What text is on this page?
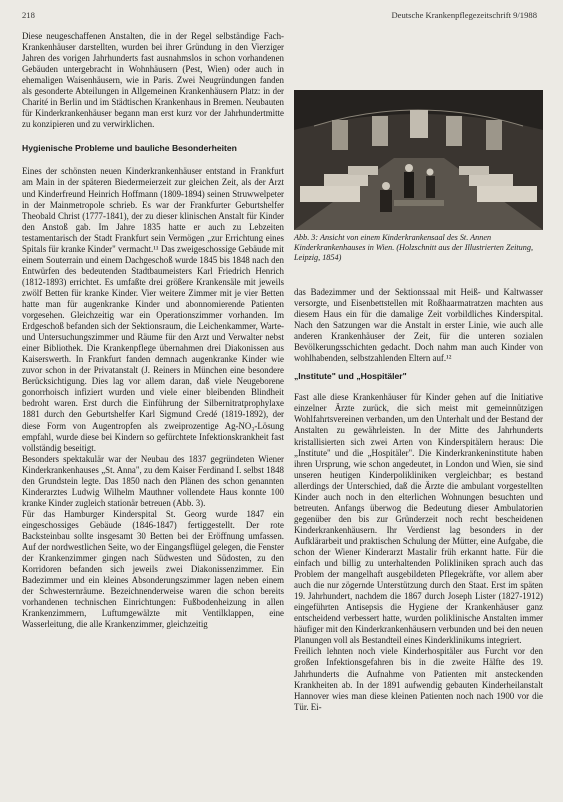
218	Deutsche Krankenpflegezeitschrift 9/1988

Diese neugeschaffenen Anstalten, die in der Regel selbständige Fach-Krankenhäuser darstellten, wurden bei ihrer Gründung in den Vierziger Jahren des vorigen Jahrhunderts fast ausnahmslos in schon vorhandenen Gebäuden untergebracht in Wohnhäusern (Pest, Wien) oder auch in ehemaligen Waisenhäusern, wie in Paris. Zwei Neugründungen fanden als gesonderte Abteilungen in Allgemeinen Krankenhäusern Platz: in der Charité in Berlin und im Städtischen Krankenhaus in Bremen. Neubauten für Kinderkrankenhäuser begann man erst kurz vor der Jahrhundertmitte zu konzipieren und zu verwirklichen.

Hygienische Probleme und bauliche Besonderheiten

Eines der schönsten neuen Kinderkrankenhäuser entstand in Frankfurt am Main in der späteren Biedermeierzeit zur gleichen Zeit, als der Arzt und Kinderfreund Heinrich Hoffmann (1809-1894) seinen Struwwelpeter in der Mainmetropole schrieb. Es war der Frankfurter Geburtshelfer Theobald Christ (1777-1841), der zu dieser klinischen Anstalt für Kinder den Anstoß gab. Im Jahre 1835 hatte er auch zu Lebzeiten testamentarisch der Stadt Frankfurt sein Vermögen „zur Errichtung eines Spitals für kranke Kinder" vermacht.¹¹ Das zweigeschossige Gebäude mit einem Souterrain und einem Dachgeschoß wurde 1845 bis 1848 nach den Entwürfen des bedeutenden Stadtbaumeisters Karl Friedrich Henrich (1812-1893) errichtet. Es umfaßte drei größere Krankensäle mit jeweils zwölf Betten für kranke Kinder. Vier weitere Zimmer mit je vier Betten hatte man für augenkranke Kinder und abonnomierende Patienten vorgesehen. Gleichzeitig war ein Operationszimmer vorhanden. Im Erdgeschoß befanden sich der Sektionsraum, die Leichenkammer, Warte- und Untersuchungszimmer und Räume für den Arzt und Verwalter nebst einer Bibliothek. Die Krankenpflege übernahmen drei Diakonissen aus Kaiserswerth. In Frankfurt fanden demnach augenkranke Kinder wie zuvor schon in der Privatanstalt (J. Reiners in München eine besondere Berücksichtigung. Dies lag vor allem daran, daß viele Neugeborene gonorrhoisch infiziert wurden und viele einer bleibenden Blindheit bedroht waren. Erst durch die Einführung der Silbernitratprophylaxe 1881 durch den Geburtshelfer Karl Sigmund Credé (1819-1892), der diese Form von Augentropfen als zweiprozentige Ag-NO₃-Lösung empfahl, wurde diese bei Kindern so gefürchtete Infektionskrankheit fast vollständig beseitigt.

Besonders spektakulär war der Neubau des 1837 gegründeten Wiener Kinderkrankenhauses „St. Anna", zu dem Kaiser Ferdinand I. selbst 1848 den Grundstein legte. Das 1850 nach den Plänen des schon genannten Kinderarztes Ludwig Wilhelm Mauthner vollendete Haus konnte 100 kranke Kinder zugleich stationär betreuen (Abb. 3).

Für das Hamburger Kinderspital St. Georg wurde 1847 ein eingeschossiges Gebäude (1846-1847) fertiggestellt. Der rote Backsteinbau sollte insgesamt 30 Betten bei der Eröffnung umfassen. Auf der nordwestlichen Seite, wo der Eingangsflügel gelegen, die Fenster der Krankenzimmer gingen nach Südwesten und Südosten, zu den Korridoren befanden sich jeweils zwei Diakonissenzimmer. Ein Badezimmer und ein kleines Absonderungszimmer lagen neben einem der Schwesternräume. Bezeichnenderweise waren die schon bereits vorhandenen technischen Einrichtungen: Fußbodenheizung in allen Krankenzimmern, Luftumgewälzte mit Ventilklappen, eine Wasserleitung, die alle Krankenzimmer, gleichzeitig

Abb. 3: Ansicht von einem Kinderkrankensaal des St. Annen Kinderkrankenhauses in Wien. (Holzschnitt aus der Illustrierten Zeitung, Leipzig, 1854)

das Badezimmer und der Sektionssaal mit Heiß- und Kaltwasser versorgte, und Eisenbettstellen mit Roßhaarmatratzen machten aus diesem Haus ein für die damalige Zeit vorbildliches Kinderspital. Nach den Satzungen war die Anstalt in erster Linie, wie auch alle anderen Krankenhäuser der Zeit, für die unteren sozialen Bevölkerungsschichten gedacht. Doch nahm man auch Kinder von wohlhabenden, selbstzahlenden Eltern auf.¹²

„Institute" und „Hospitäler"

Fast alle diese Krankenhäuser für Kinder gehen auf die Initiative einzelner Ärzte zurück, die sich meist mit gemeinnützigen Wohlfahrtsvereinen verbanden, um den Unterhalt und der Bestand der Anstalten zu gewährleisten. In der Mitte des Jahrhunderts kristallisierten sich zwei Arten von Kinderspitälern heraus: Die „Institute" und die „Hospitäler". Die Kinderkrankeninstitute haben ihren Ursprung, wie schon angedeutet, in London und Wien, sie sind unseren heutigen Kinderpolikliniken vergleichbar; es bestand allerdings der Unterschied, daß die Ärzte die ambulant vorgestellten Kinder auch noch in den elterlichen Wohnungen besuchten und betreuten. Anfangs überwog die Bedeutung dieser Ambulatorien gegenüber den bis zur Gründerzeit noch recht bescheidenen Kinderkrankenhäusern. Ihr Verdienst lag besonders in der Aufklärarbeit und praktischen Schulung der Mütter, eine Aufgabe, die schon der Wiener Kinderarzt Mastalir früh erkannt hatte. Für die einfach und billig zu unterhaltenden Polikliniken sprach auch das Problem der mangelhaft ausgebildeten Pflegekräfte, vor allem aber auch die nur zögernde Unterstützung durch den Staat. Erst im späten 19. Jahrhundert, nachdem die 1867 durch Joseph Lister (1827-1912) eingeführten Antisepsis die Hygiene der Krankenhäuser ganz entscheidend verbessert hatte, wurden poliklinische Anstalten immer häufiger mit den Kinderkrankenhäusern verbunden und bei den neuen Planungen voll als Bestandteil eines Kinderklinikums integriert.

Freilich lehnten noch viele Kinderhospitäler aus Furcht vor den großen Infektionsgefahren bis in die zweite Hälfte des 19. Jahrhunderts die Aufnahme von Patienten mit ansteckenden Krankheiten ab. In der 1891 aufwendig gebauten Kinderheilanstalt Hannover wies man diese kleinen Patienten noch nach 1900 vor die Tür. Ei-
